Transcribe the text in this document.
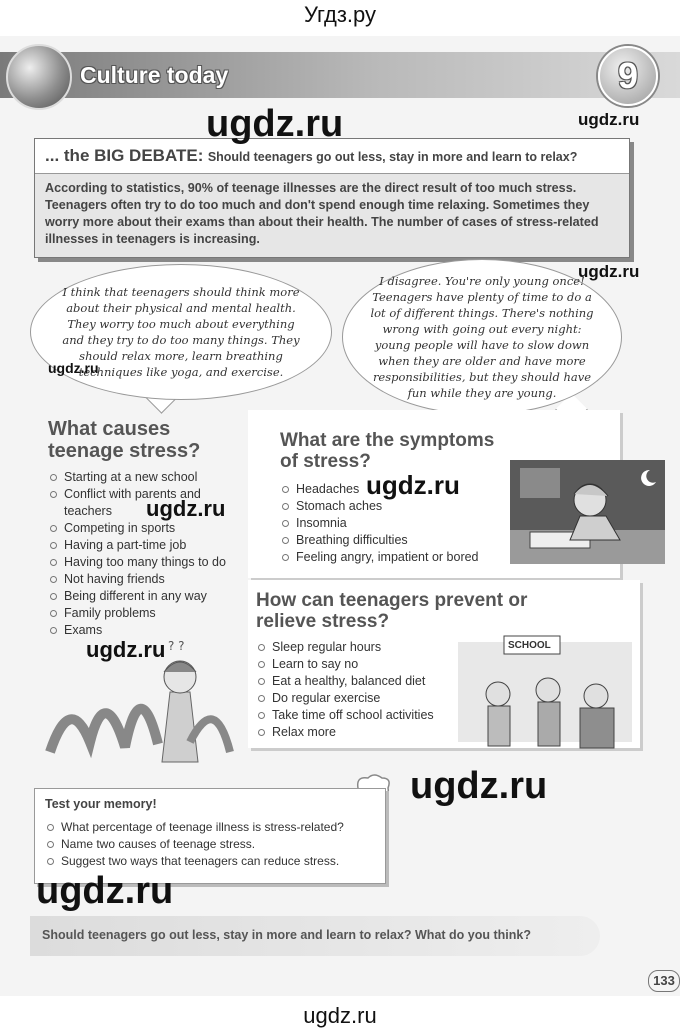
Угдз.ру
Culture today	9
... the BIG DEBATE: Should teenagers go out less, stay in more and learn to relax?
According to statistics, 90% of teenage illnesses are the direct result of too much stress. Teenagers often try to do too much and don't spend enough time relaxing. Sometimes they worry more about their exams than about their health. The number of cases of stress-related illnesses in teenagers is increasing.
I think that teenagers should think more about their physical and mental health. They worry too much about everything and they try to do too many things. They should relax more, learn breathing techniques like yoga, and exercise.
I disagree. You're only young once! Teenagers have plenty of time to do a lot of different things. There's nothing wrong with going out every night: young people will have to slow down when they are older and have more responsibilities, but they should have fun while they are young.
What causes
teenage stress?
Starting at a new school
Conflict with parents and
teachers
Competing in sports
Having a part-time job
Having too many things to do
Not having friends
Being different in any way
Family problems
Exams
? ?
What are the symptoms
of stress?
Headaches
Stomach aches
Insomnia
Breathing difficulties
Feeling angry, impatient or bored
How can teenagers prevent or
relieve stress?
Sleep regular hours
Learn to say no
Eat a healthy, balanced diet
Do regular exercise
Take time off school activities
Relax more
SCHOOL
Test your memory!
What percentage of teenage illness is stress-related?
Name two causes of teenage stress.
Suggest two ways that teenagers can reduce stress.
Should teenagers go out less, stay in more and learn to relax? What do you think?
133
ugdz.ru	ugdz.ru
ugdz.ru
ugdz.ru
ugdz.ru
ugdz.ru
ugdz.ru
ugdz.ru
ugdz.ru
ugdz.ru
